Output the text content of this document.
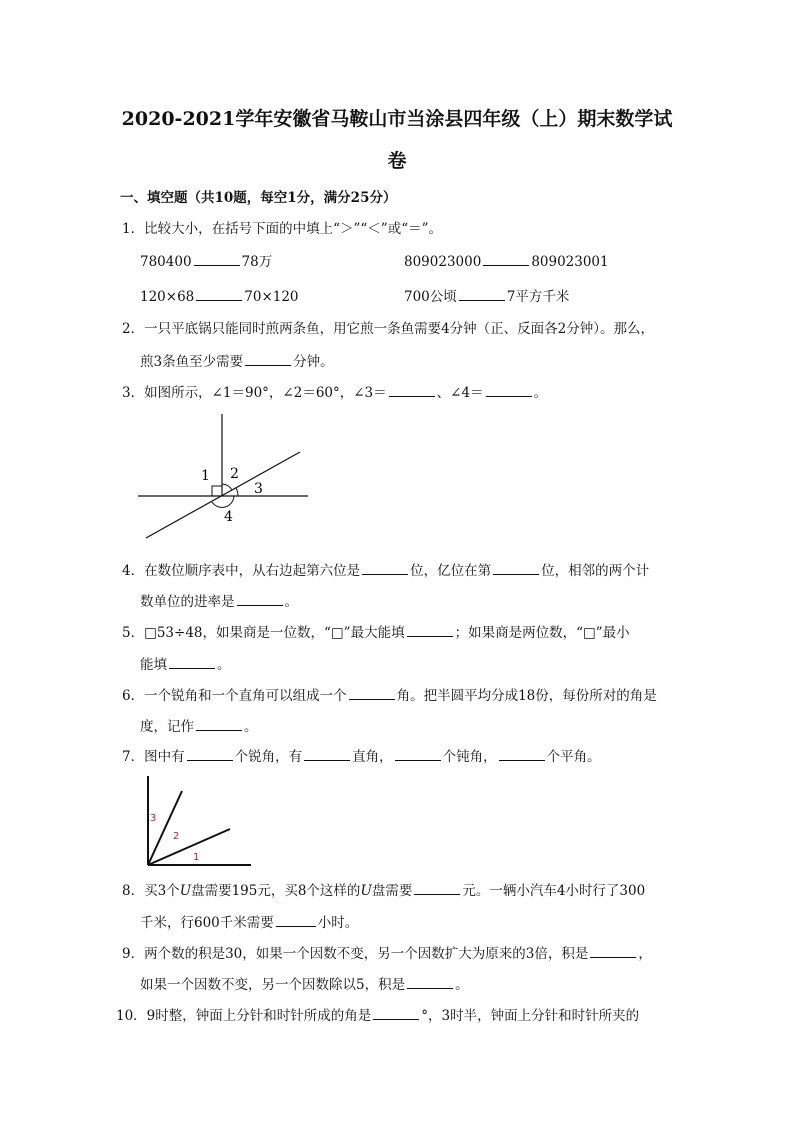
2020-2021学年安徽省马鞍山市当涂县四年级（上）期末数学试
卷
一、填空题（共10题，每空1分，满分25分）
1．比较大小，在括号下面的中填上“＞”“＜”或“＝”。
780400	78万	809023000	809023001
120×68	70×120	700公顷	7平方千米
2．一只平底锅只能同时煎两条鱼，用它煎一条鱼需要4分钟（正、反面各2分钟）。那么，
煎3条鱼至少需要	分钟。
3．如图所示，∠1＝90°，∠2＝60°，∠3＝	、∠4＝	。
1 2
3
4
4．在数位顺序表中，从右边起第六位是	位，亿位在第	位，相邻的两个计
数单位的进率是	。
5．□53÷48，如果商是一位数，“□”最大能填	；如果商是两位数，“□”最小
能填	。
6．一个锐角和一个直角可以组成一个	角。把半圆平均分成18份，每份所对的角是
度，记作	。
7．图中有	个锐角，有	直角，	个钝角，	个平角。
3
2
1
8．买3个U盘需要195元，买8个这样的U盘需要	元。一辆小汽车4小时行了300
千米，行600千米需要	小时。
9．两个数的积是30，如果一个因数不变，另一个因数扩大为原来的3倍，积是	，
如果一个因数不变，另一个因数除以5，积是	。
10．9时整，钟面上分针和时针所成的角是	°，3时半，钟面上分针和时针所夹的
